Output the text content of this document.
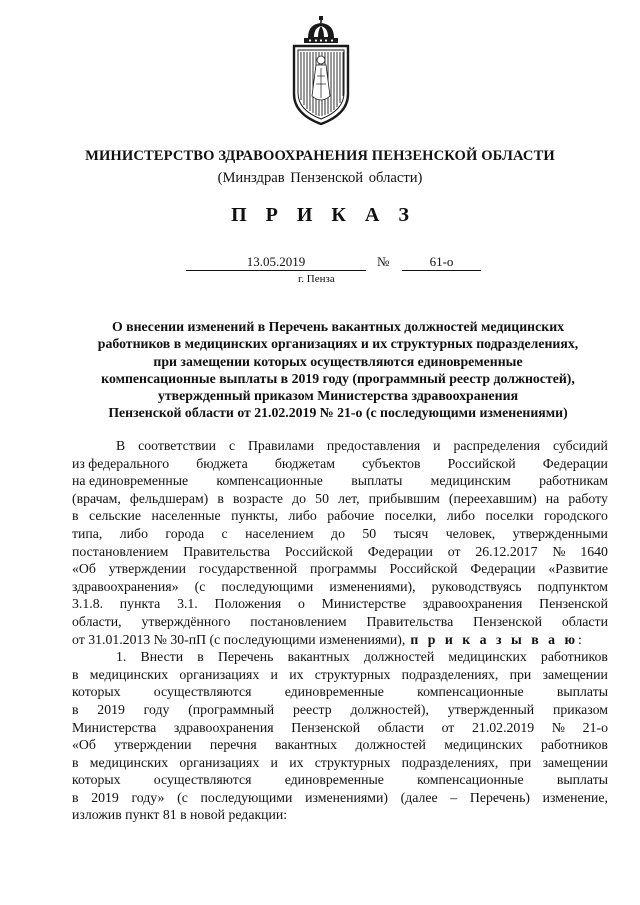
МИНИСТЕРСТВО ЗДРАВООХРАНЕНИЯ ПЕНЗЕНСКОЙ ОБЛАСТИ
(Минздрав Пензенской области)
П Р И К А З
13.05.2019	№	61-о
г. Пенза
О внесении изменений в Перечень вакантных должностей медицинских
работников в медицинских организациях и их структурных подразделениях,
при замещении которых осуществляются единовременные
компенсационные выплаты в 2019 году (программный реестр должностей),
утвержденный приказом Министерства здравоохранения
Пензенской области от 21.02.2019 № 21-о (с последующими изменениями)
В соответствии с Правилами предоставления и распределения субсидий
из федерального бюджета бюджетам субъектов Российской Федерации
на единовременные компенсационные выплаты медицинским работникам
(врачам, фельдшерам) в возрасте до 50 лет, прибывшим (переехавшим) на работу
в сельские населенные пункты, либо рабочие поселки, либо поселки городского
типа, либо города с населением до 50 тысяч человек, утвержденными
постановлением Правительства Российской Федерации от 26.12.2017 № 1640
«Об утверждении государственной программы Российской Федерации «Развитие
здравоохранения» (с последующими изменениями), руководствуясь подпунктом
3.1.8. пункта 3.1. Положения о Министерстве здравоохранения Пензенской
области, утверждённого постановлением Правительства Пензенской области
от 31.01.2013 № 30-пП (с последующими изменениями), п р и к а з ы в а ю:
1. Внести в Перечень вакантных должностей медицинских работников
в медицинских организациях и их структурных подразделениях, при замещении
которых осуществляются единовременные компенсационные выплаты
в 2019 году (программный реестр должностей), утвержденный приказом
Министерства здравоохранения Пензенской области от 21.02.2019 № 21-о
«Об утверждении перечня вакантных должностей медицинских работников
в медицинских организациях и их структурных подразделениях, при замещении
которых осуществляются единовременные компенсационные выплаты
в 2019 году» (с последующими изменениями) (далее – Перечень) изменение,
изложив пункт 81 в новой редакции:
